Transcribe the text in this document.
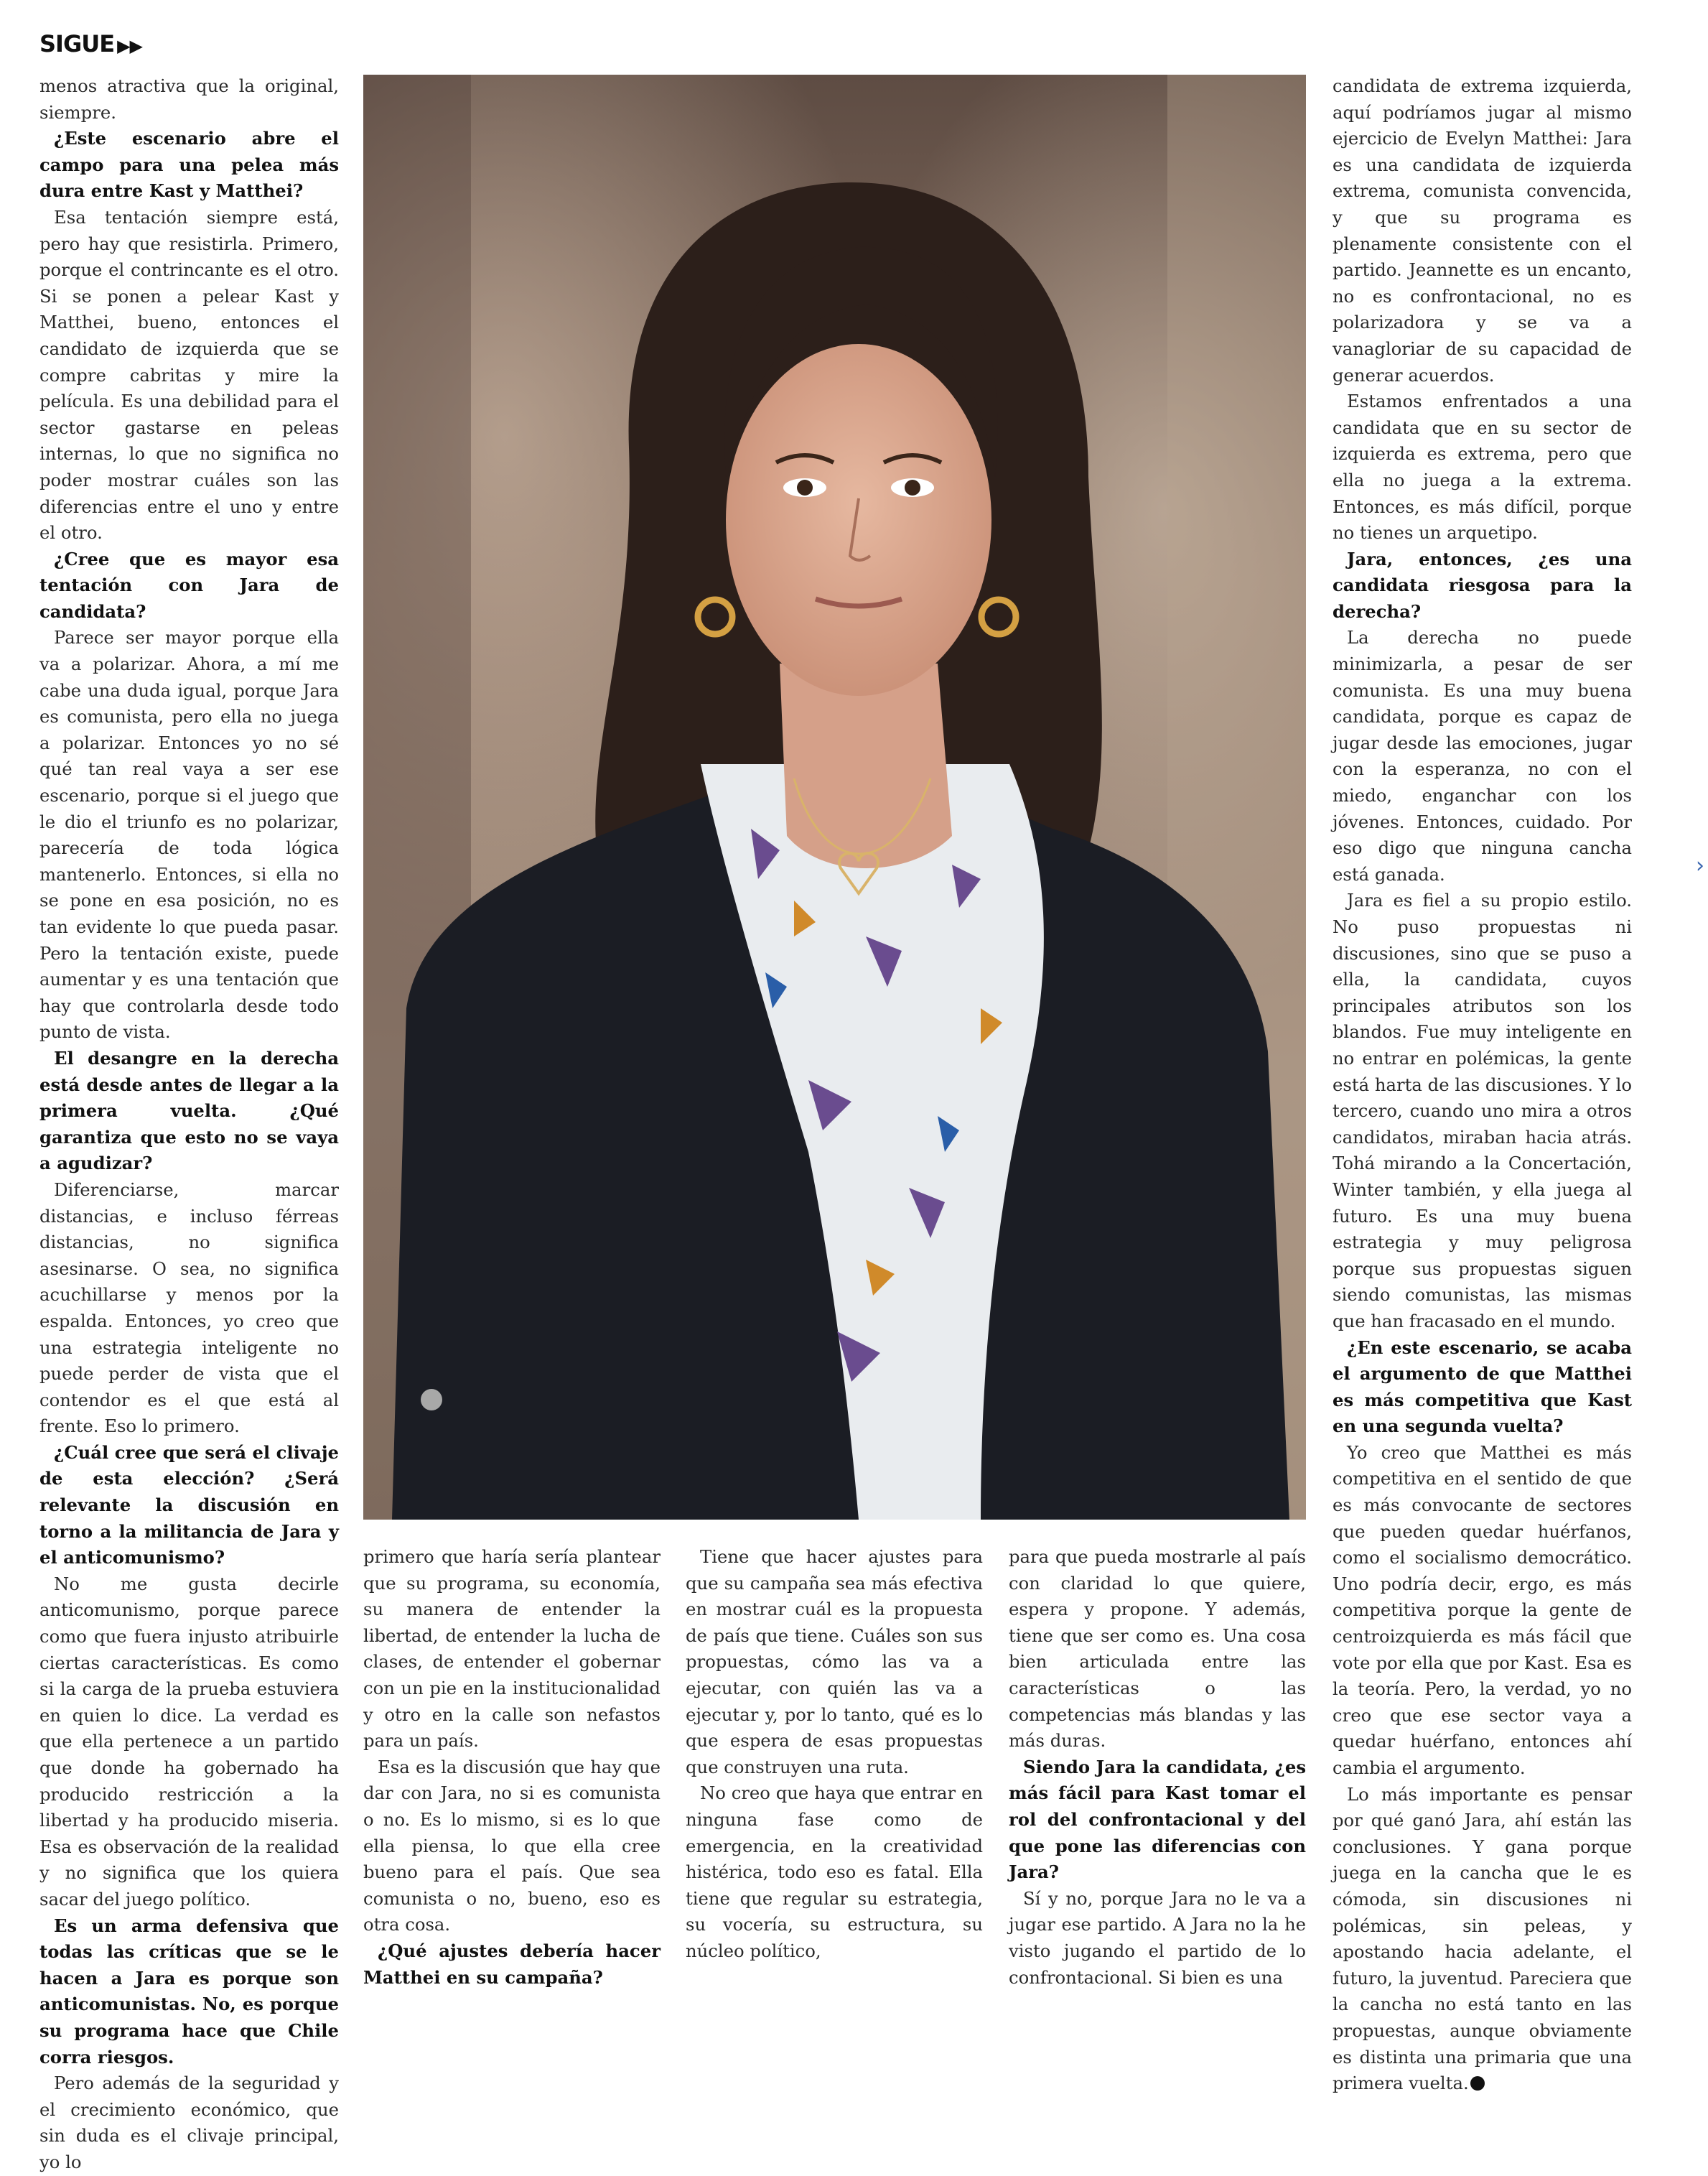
SIGUE ▶▶

menos atractiva que la original, siempre.

¿Este escenario abre el campo para una pelea más dura entre Kast y Matthei?

Esa tentación siempre está, pero hay que resistirla. Primero, porque el contrincante es el otro. Si se ponen a pelear Kast y Matthei, bueno, entonces el candidato de izquierda que se compre cabritas y mire la película. Es una debilidad para el sector gastarse en peleas internas, lo que no significa no poder mostrar cuáles son las diferencias entre el uno y entre el otro.

¿Cree que es mayor esa tentación con Jara de candidata?

Parece ser mayor porque ella va a polarizar. Ahora, a mí me cabe una duda igual, porque Jara es comunista, pero ella no juega a polarizar. Entonces yo no sé qué tan real vaya a ser ese escenario, porque si el juego que le dio el triunfo es no polarizar, parecería de toda lógica mantenerlo. Entonces, si ella no se pone en esa posición, no es tan evidente lo que pueda pasar. Pero la tentación existe, puede aumentar y es una tentación que hay que controlarla desde todo punto de vista.

El desangre en la derecha está desde antes de llegar a la primera vuelta. ¿Qué garantiza que esto no se vaya a agudizar?

Diferenciarse, marcar distancias, e incluso férreas distancias, no significa asesinarse. O sea, no significa acuchillarse y menos por la espalda. Entonces, yo creo que una estrategia inteligente no puede perder de vista que el contendor es el que está al frente. Eso lo primero.

¿Cuál cree que será el clivaje de esta elección? ¿Será relevante la discusión en torno a la militancia de Jara y el anticomunismo?

No me gusta decirle anticomunismo, porque parece como que fuera injusto atribuirle ciertas características. Es como si la carga de la prueba estuviera en quien lo dice. La verdad es que ella pertenece a un partido que donde ha gobernado ha producido restricción a la libertad y ha producido miseria. Esa es observación de la realidad y no significa que los quiera sacar del juego político.

Es un arma defensiva que todas las críticas que se le hacen a Jara es porque son anticomunistas. No, es porque su programa hace que Chile corra riesgos.

Pero además de la seguridad y el crecimiento económico, que sin duda es el clivaje principal, yo lo

primero que haría sería plantear que su programa, su economía, su manera de entender la libertad, de entender la lucha de clases, de entender el gobernar con un pie en la institucionalidad y otro en la calle son nefastos para un país.

Esa es la discusión que hay que dar con Jara, no si es comunista o no. Es lo mismo, si es lo que ella piensa, lo que ella cree bueno para el país. Que sea comunista o no, bueno, eso es otra cosa.

¿Qué ajustes debería hacer Matthei en su campaña?

Tiene que hacer ajustes para que su campaña sea más efectiva en mostrar cuál es la propuesta de país que tiene. Cuáles son sus propuestas, cómo las va a ejecutar, con quién las va a ejecutar y, por lo tanto, qué es lo que espera de esas propuestas que construyen una ruta.

No creo que haya que entrar en ninguna fase como de emergencia, en la creatividad histérica, todo eso es fatal. Ella tiene que regular su estrategia, su vocería, su estructura, su núcleo político,

para que pueda mostrarle al país con claridad lo que quiere, espera y propone. Y además, tiene que ser como es. Una cosa bien articulada entre las características o las competencias más blandas y las más duras.

Siendo Jara la candidata, ¿es más fácil para Kast tomar el rol del confrontacional y del que pone las diferencias con Jara?

Sí y no, porque Jara no le va a jugar ese partido. A Jara no la he visto jugando el partido de lo confrontacional. Si bien es una

candidata de extrema izquierda, aquí podríamos jugar al mismo ejercicio de Evelyn Matthei: Jara es una candidata de izquierda extrema, comunista convencida, y que su programa es plenamente consistente con el partido. Jeannette es un encanto, no es confrontacional, no es polarizadora y se va a vanagloriar de su capacidad de generar acuerdos.

Estamos enfrentados a una candidata que en su sector de izquierda es extrema, pero que ella no juega a la extrema. Entonces, es más difícil, porque no tienes un arquetipo.

Jara, entonces, ¿es una candidata riesgosa para la derecha?

La derecha no puede minimizarla, a pesar de ser comunista. Es una muy buena candidata, porque es capaz de jugar desde las emociones, jugar con la esperanza, no con el miedo, enganchar con los jóvenes. Entonces, cuidado. Por eso digo que ninguna cancha está ganada.

Jara es fiel a su propio estilo. No puso propuestas ni discusiones, sino que se puso a ella, la candidata, cuyos principales atributos son los blandos. Fue muy inteligente en no entrar en polémicas, la gente está harta de las discusiones. Y lo tercero, cuando uno mira a otros candidatos, miraban hacia atrás. Tohá mirando a la Concertación, Winter también, y ella juega al futuro. Es una muy buena estrategia y muy peligrosa porque sus propuestas siguen siendo comunistas, las mismas que han fracasado en el mundo.

¿En este escenario, se acaba el argumento de que Matthei es más competitiva que Kast en una segunda vuelta?

Yo creo que Matthei es más competitiva en el sentido de que es más convocante de sectores que pueden quedar huérfanos, como el socialismo democrático. Uno podría decir, ergo, es más competitiva porque la gente de centroizquierda es más fácil que vote por ella que por Kast. Esa es la teoría. Pero, la verdad, yo no creo que ese sector vaya a quedar huérfano, entonces ahí cambia el argumento.

Lo más importante es pensar por qué ganó Jara, ahí están las conclusiones. Y gana porque juega en la cancha que le es cómoda, sin discusiones ni polémicas, sin peleas, y apostando hacia adelante, el futuro, la juventud. Pareciera que la cancha no está tanto en las propuestas, aunque obviamente es distinta una primaria que una primera vuelta.

›
